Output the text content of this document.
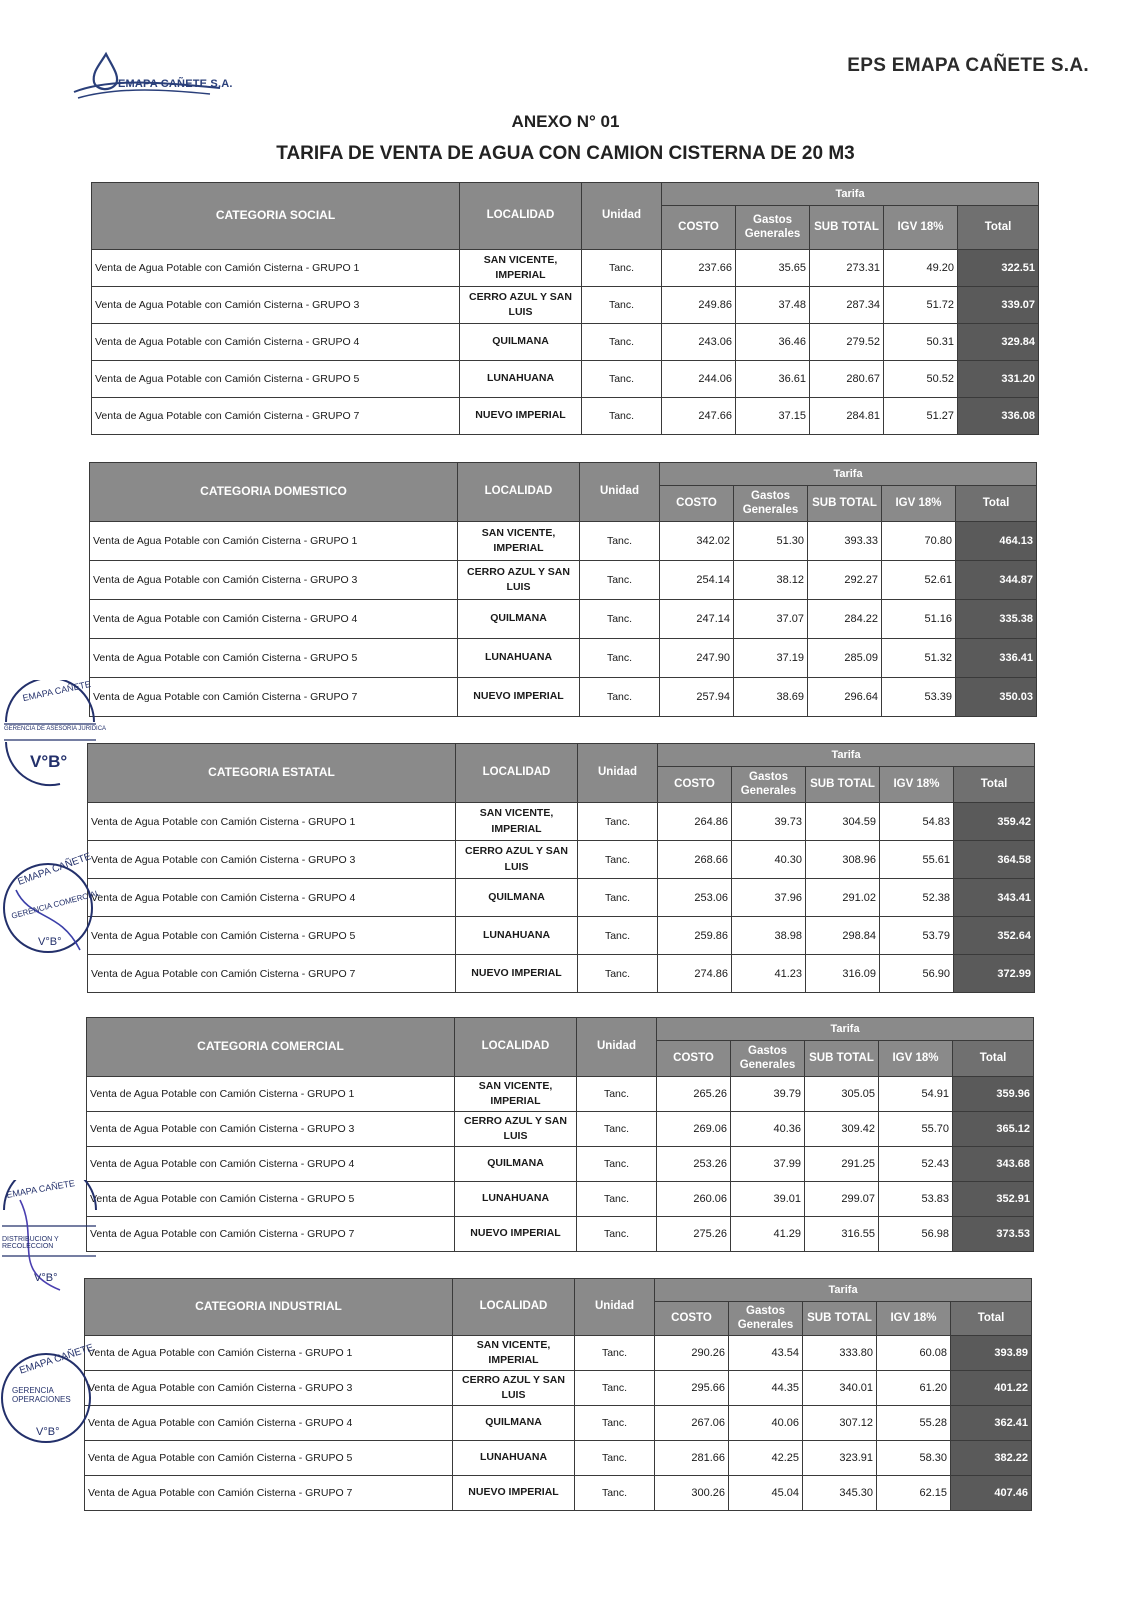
EMAPA CAÑETE S.A.
EPS EMAPA CAÑETE S.A.
ANEXO N° 01
TARIFA DE VENTA DE AGUA CON CAMION CISTERNA DE 20 M3
CATEGORIA SOCIAL	LOCALIDAD	Unidad	Tarifa				
			COSTO	Gastos Generales	SUB TOTAL	IGV 18%	Total
Venta de Agua Potable con Camión Cisterna - GRUPO 1	SAN VICENTE, IMPERIAL	Tanc.	237.66	35.65	273.31	49.20	322.51
Venta de Agua Potable con Camión Cisterna - GRUPO 3	CERRO AZUL Y SAN LUIS	Tanc.	249.86	37.48	287.34	51.72	339.07
Venta de Agua Potable con Camión Cisterna - GRUPO 4	QUILMANA	Tanc.	243.06	36.46	279.52	50.31	329.84
Venta de Agua Potable con Camión Cisterna - GRUPO 5	LUNAHUANA	Tanc.	244.06	36.61	280.67	50.52	331.20
Venta de Agua Potable con Camión Cisterna - GRUPO 7	NUEVO IMPERIAL	Tanc.	247.66	37.15	284.81	51.27	336.08
CATEGORIA DOMESTICO	LOCALIDAD	Unidad	Tarifa				
			COSTO	Gastos Generales	SUB TOTAL	IGV 18%	Total
Venta de Agua Potable con Camión Cisterna - GRUPO 1	SAN VICENTE, IMPERIAL	Tanc.	342.02	51.30	393.33	70.80	464.13
Venta de Agua Potable con Camión Cisterna - GRUPO 3	CERRO AZUL Y SAN LUIS	Tanc.	254.14	38.12	292.27	52.61	344.87
Venta de Agua Potable con Camión Cisterna - GRUPO 4	QUILMANA	Tanc.	247.14	37.07	284.22	51.16	335.38
Venta de Agua Potable con Camión Cisterna - GRUPO 5	LUNAHUANA	Tanc.	247.90	37.19	285.09	51.32	336.41
Venta de Agua Potable con Camión Cisterna - GRUPO 7	NUEVO IMPERIAL	Tanc.	257.94	38.69	296.64	53.39	350.03
CATEGORIA ESTATAL	LOCALIDAD	Unidad	Tarifa				
			COSTO	Gastos Generales	SUB TOTAL	IGV 18%	Total
Venta de Agua Potable con Camión Cisterna - GRUPO 1	SAN VICENTE, IMPERIAL	Tanc.	264.86	39.73	304.59	54.83	359.42
Venta de Agua Potable con Camión Cisterna - GRUPO 3	CERRO AZUL Y SAN LUIS	Tanc.	268.66	40.30	308.96	55.61	364.58
Venta de Agua Potable con Camión Cisterna - GRUPO 4	QUILMANA	Tanc.	253.06	37.96	291.02	52.38	343.41
Venta de Agua Potable con Camión Cisterna - GRUPO 5	LUNAHUANA	Tanc.	259.86	38.98	298.84	53.79	352.64
Venta de Agua Potable con Camión Cisterna - GRUPO 7	NUEVO IMPERIAL	Tanc.	274.86	41.23	316.09	56.90	372.99
CATEGORIA COMERCIAL	LOCALIDAD	Unidad	Tarifa				
			COSTO	Gastos Generales	SUB TOTAL	IGV 18%	Total
Venta de Agua Potable con Camión Cisterna - GRUPO 1	SAN VICENTE, IMPERIAL	Tanc.	265.26	39.79	305.05	54.91	359.96
Venta de Agua Potable con Camión Cisterna - GRUPO 3	CERRO AZUL Y SAN LUIS	Tanc.	269.06	40.36	309.42	55.70	365.12
Venta de Agua Potable con Camión Cisterna - GRUPO 4	QUILMANA	Tanc.	253.26	37.99	291.25	52.43	343.68
Venta de Agua Potable con Camión Cisterna - GRUPO 5	LUNAHUANA	Tanc.	260.06	39.01	299.07	53.83	352.91
Venta de Agua Potable con Camión Cisterna - GRUPO 7	NUEVO IMPERIAL	Tanc.	275.26	41.29	316.55	56.98	373.53
CATEGORIA INDUSTRIAL	LOCALIDAD	Unidad	Tarifa				
			COSTO	Gastos Generales	SUB TOTAL	IGV 18%	Total
Venta de Agua Potable con Camión Cisterna - GRUPO 1	SAN VICENTE, IMPERIAL	Tanc.	290.26	43.54	333.80	60.08	393.89
Venta de Agua Potable con Camión Cisterna - GRUPO 3	CERRO AZUL Y SAN LUIS	Tanc.	295.66	44.35	340.01	61.20	401.22
Venta de Agua Potable con Camión Cisterna - GRUPO 4	QUILMANA	Tanc.	267.06	40.06	307.12	55.28	362.41
Venta de Agua Potable con Camión Cisterna - GRUPO 5	LUNAHUANA	Tanc.	281.66	42.25	323.91	58.30	382.22
Venta de Agua Potable con Camión Cisterna - GRUPO 7	NUEVO IMPERIAL	Tanc.	300.26	45.04	345.30	62.15	407.46
EMAPA CAÑETE
GERENCIA DE ASESORIA JURIDICA
V°B°
EMAPA CAÑETE
GERENCIA COMERCIAL
V°B°
EMAPA CAÑETE
DISTRIBUCION Y RECOLECCION
V°B°
EMAPA CAÑETE
GERENCIA OPERACIONES
V°B°
